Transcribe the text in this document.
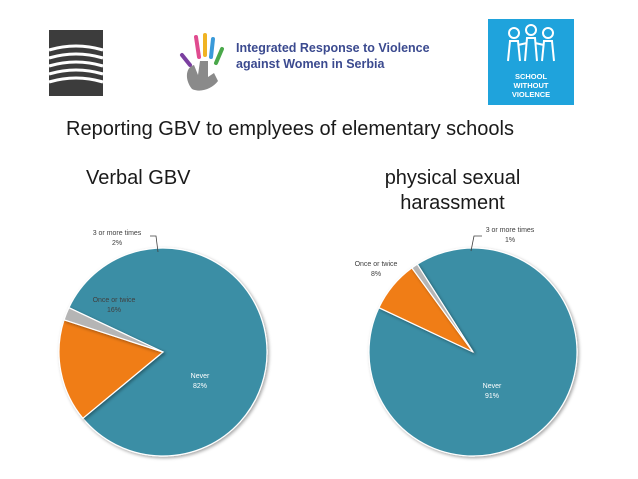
Integrated Response to Violence
against Women in Serbia
SCHOOL
WITHOUT
VIOLENCE
Reporting GBV to emplyees of elementary schools
Verbal GBV	physical sexual
harassment
Never
82%
Once or twice
16%
3 or more times
2%
Never
91%
Once or twice
8%
3 or more times
1%
